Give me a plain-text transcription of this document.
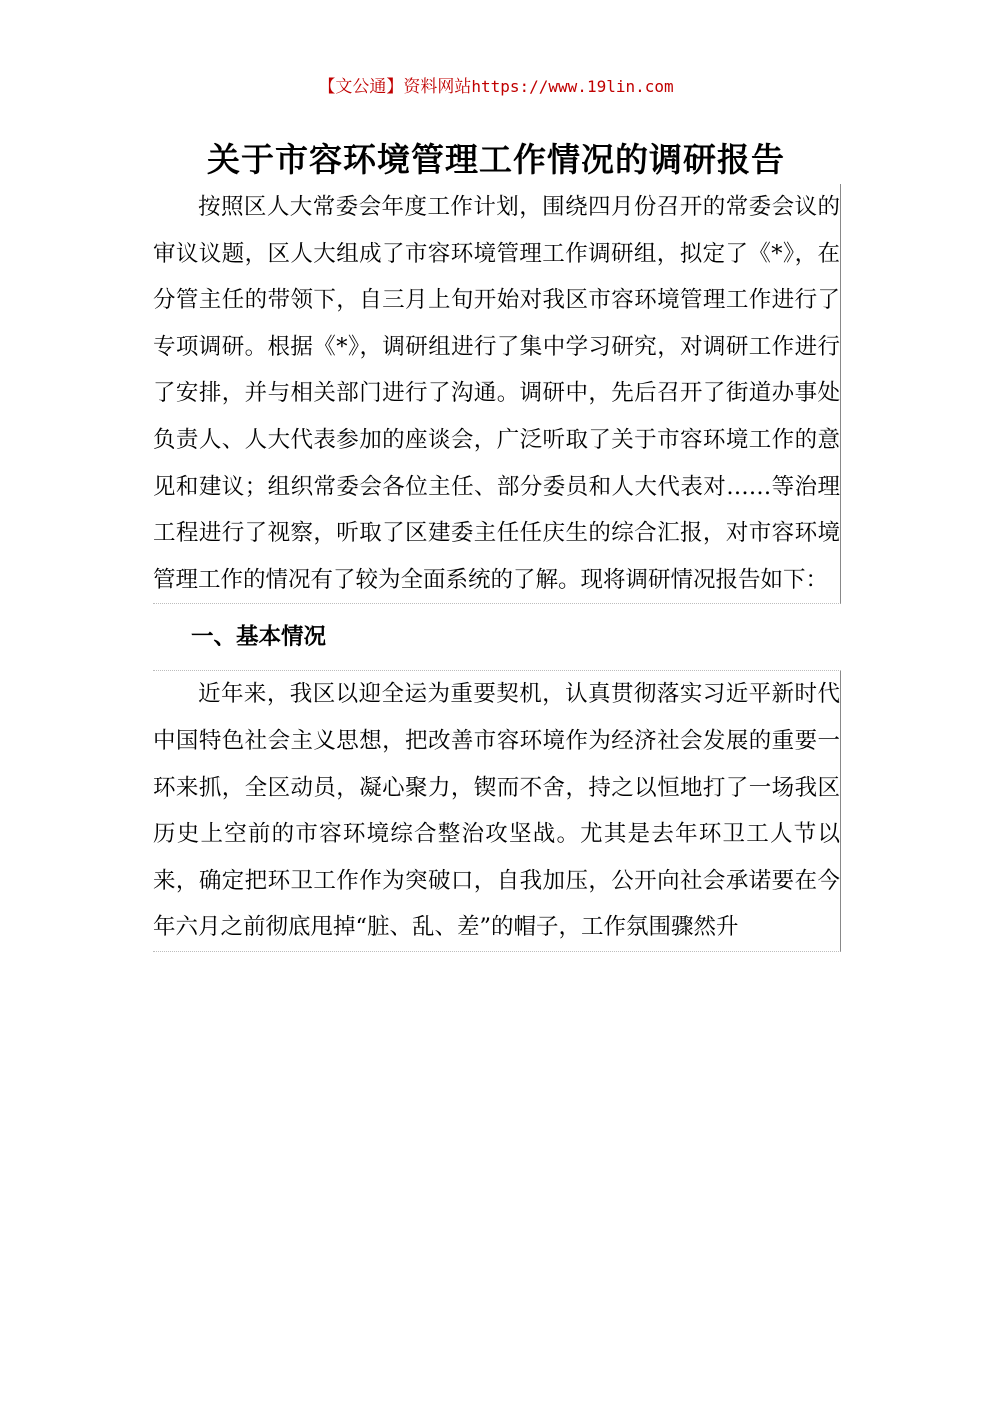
【文公通】资料网站https://www.19lin.com
关于市容环境管理工作情况的调研报告

按照区人大常委会年度工作计划，围绕四月份召开的常委会议的审议议题，区人大组成了市容环境管理工作调研组，拟定了《*》，在分管主任的带领下，自三月上旬开始对我区市容环境管理工作进行了专项调研。根据《*》，调研组进行了集中学习研究，对调研工作进行了安排，并与相关部门进行了沟通。调研中，先后召开了街道办事处负责人、人大代表参加的座谈会，广泛听取了关于市容环境工作的意见和建议；组织常委会各位主任、部分委员和人大代表对……等治理工程进行了视察，听取了区建委主任任庆生的综合汇报，对市容环境管理工作的情况有了较为全面系统的了解。现将调研情况报告如下：

一、基本情况

近年来，我区以迎全运为重要契机，认真贯彻落实习近平新时代中国特色社会主义思想，把改善市容环境作为经济社会发展的重要一环来抓，全区动员，凝心聚力，锲而不舍，持之以恒地打了一场我区历史上空前的市容环境综合整治攻坚战。尤其是去年环卫工人节以来，确定把环卫工作作为突破口，自我加压，公开向社会承诺要在今年六月之前彻底甩掉“脏、乱、差”的帽子，工作氛围骤然升
